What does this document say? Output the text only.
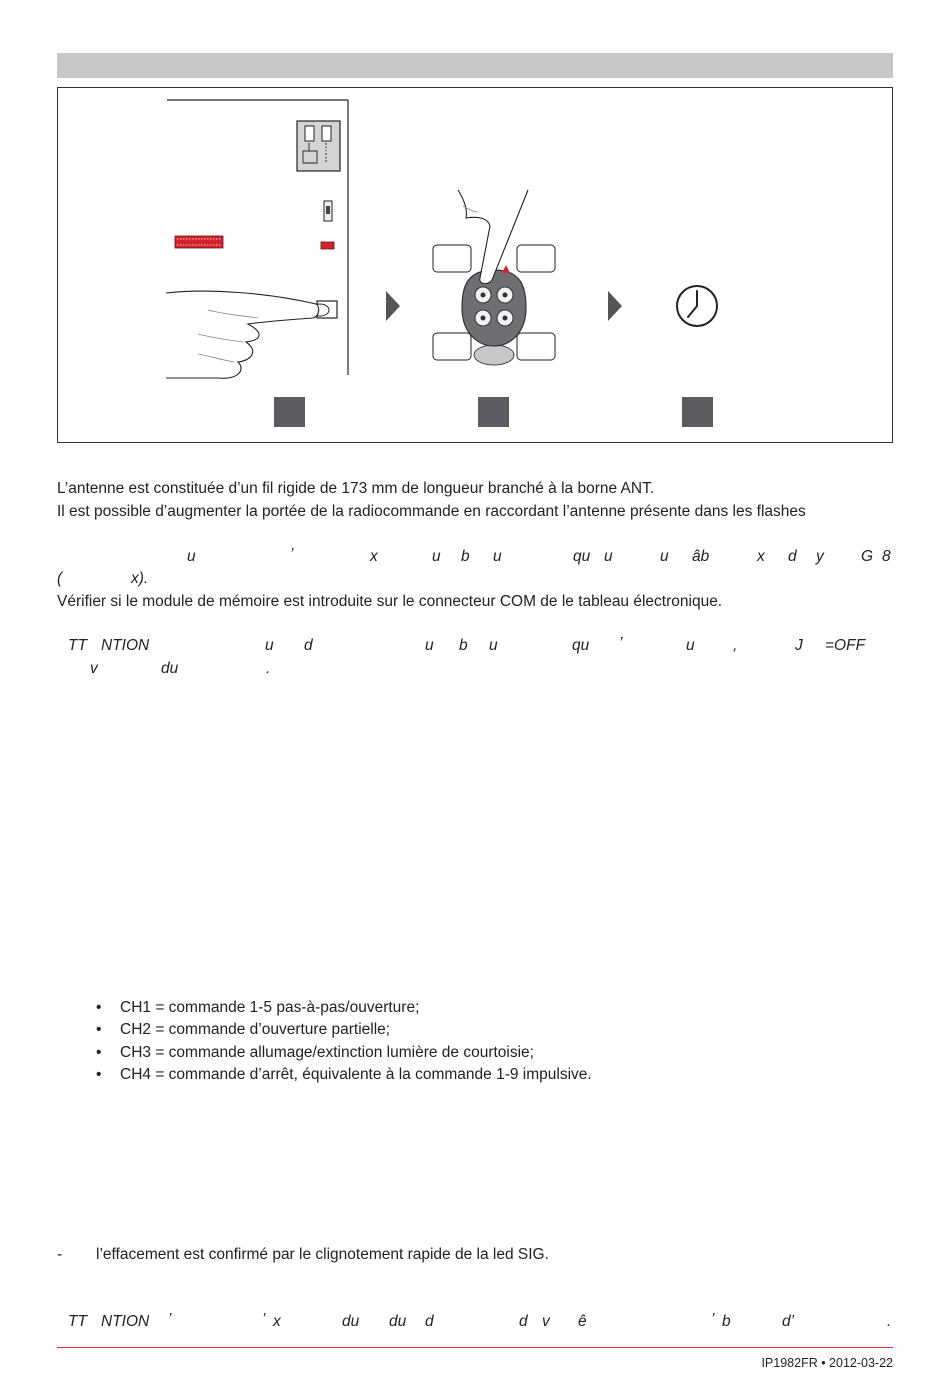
L’antenne est constituée d’un fil rigide de 173 mm de longueur branché à la borne ANT.
Il est possible d’augmenter la portée de la radiocommande en raccordant l’antenne présente dans les flashes
u	’	x	u b u	qu u	u âb	x d y G 8
(	x).
Vérifier si le module de mémoire est introduite sur le connecteur COM de le tableau électronique.
TT NTION	u d	u b u	qu ’	u ,	J =OFF
v	du	.
• CH1 = commande 1-5 pas-à-pas/ouverture;
• CH2 = commande d’ouverture partielle;
• CH3 = commande allumage/extinction lumière de courtoisie;
• CH4 = commande d’arrêt, équivalente à la commande 1-9 impulsive.
- l’effacement est confirmé par le clignotement rapide de la led SIG.
TT NTION ’	’ x	du du d	d v ê	’ b	d’	.
IP1982FR • 2012-03-22
